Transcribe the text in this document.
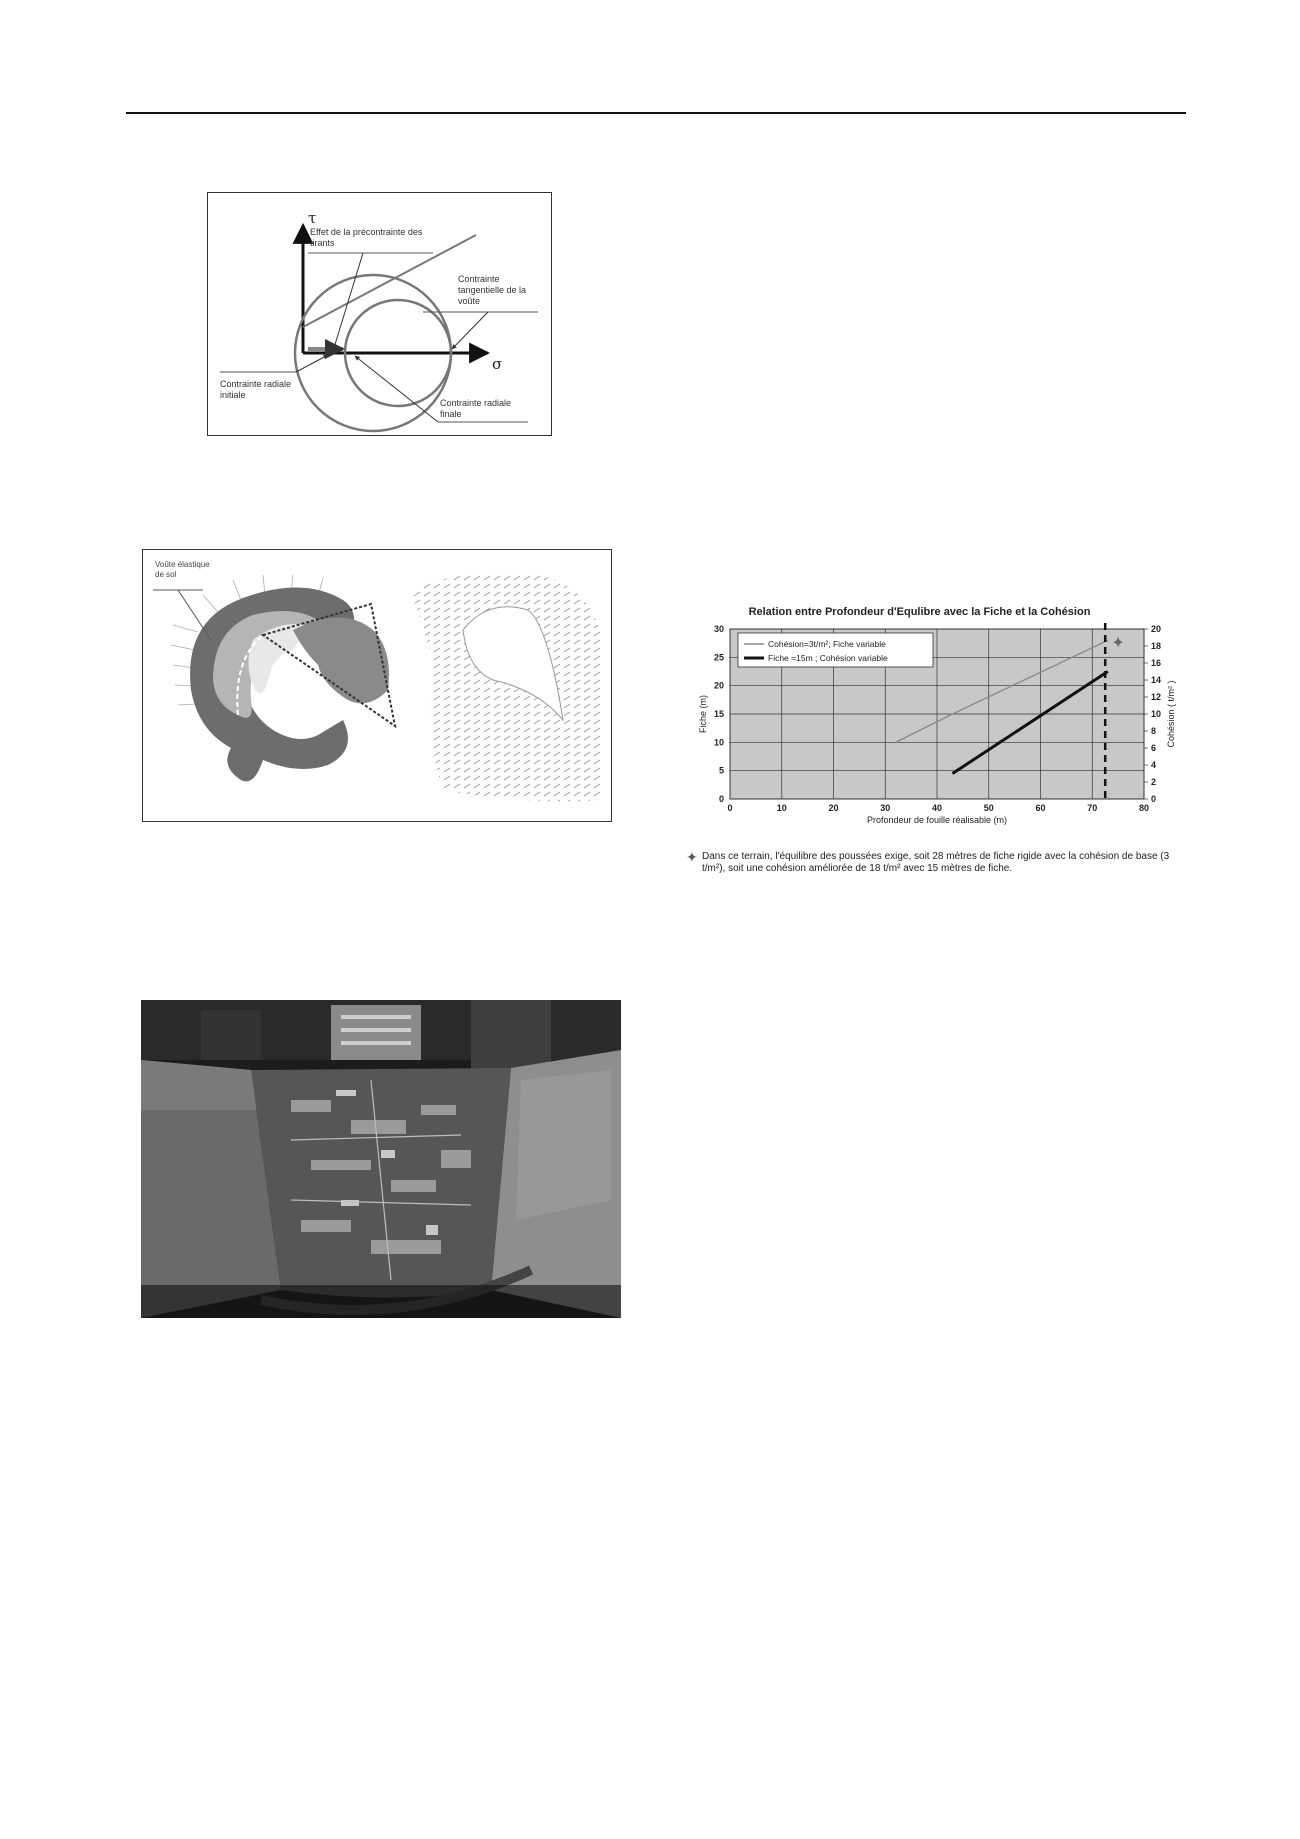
τ
σ
Effet de la précontrainte des tirants
Contrainte tangentielle de la voûte
Contrainte radiale initiale
Contrainte radiale finale
Voûte élastique de sol
Relation entre Profondeur d'Equlibre avec la Fiche et la Cohésion
0	10	20	30	40	50	60	70	80
0
5
10
15
20
25
30
0
2
4
6
8
10
12
14
16
18
20
Profondeur de fouille réalisable (m)
Fiche (m)	Cohésion ( t/m² )
✦
Cohésion=3t/m²; Fiche variable
Fiche =15m ; Cohésion variable
✦ Dans ce terrain, l'équilibre des poussées exige, soit 28 mètres de fiche rigide avec la cohésion de base (3 t/m²), soit une cohésion améliorée de 18 t/m² avec 15 mètres de fiche.
